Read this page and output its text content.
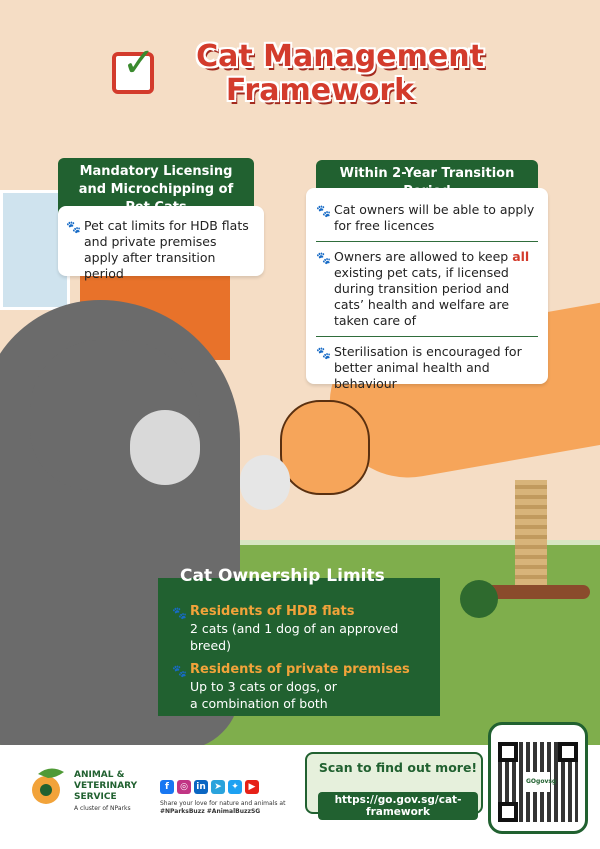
✓	Cat Management
Framework
Mandatory Licensing and Microchipping of
🐾 Pet cat limits for HDB flats and private premises apply after transition period
Within 2-Year Transition
🐾 Cat owners will be able to apply for free licences
🐾 Owners are allowed to keep all existing pet cats, if licensed during transition period and cats’ health and welfare are taken care of
🐾 Sterilisation is encouraged for better animal health and behaviour
Cat Ownership Limits
🐾 Residents of HDB flats
2 cats (and 1 dog of an approved breed)
🐾 Residents of private premises
Up to 3 cats or dogs, or
a combination of both
ANIMAL &
VETERINARY
SERVICE
A cluster of NParks
f	◎ in ➤	✦	▶
Share your love for nature and animals at
#NParksBuzz #AnimalBuzzSG
Scan to find out more!
https://go.gov.sg/cat-framework
GOgovsg
